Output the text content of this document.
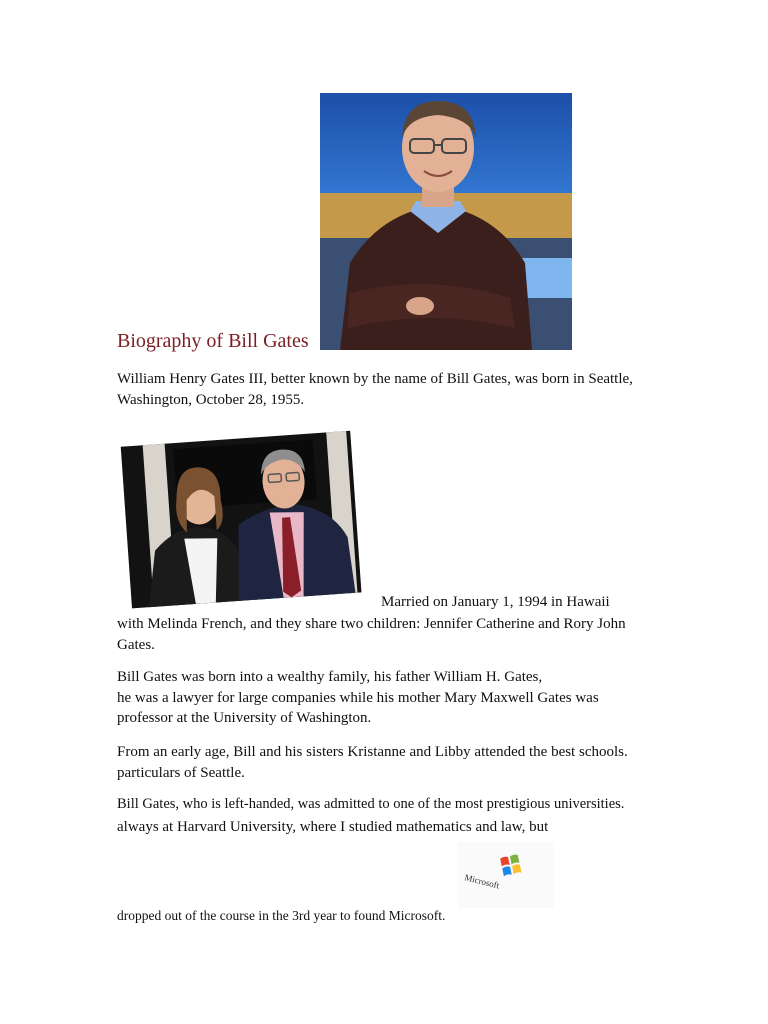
Biography of Bill Gates
William Henry Gates III, better known by the name of Bill Gates, was born in Seattle,
Washington, October 28, 1955.
Married on January 1, 1994 in Hawaii
with Melinda French, and they share two children: Jennifer Catherine and Rory John
Gates.
Bill Gates was born into a wealthy family, his father William H. Gates,
he was a lawyer for large companies while his mother Mary Maxwell Gates was
professor at the University of Washington.
From an early age, Bill and his sisters Kristanne and Libby attended the best schools.
particulars of Seattle.
Bill Gates, who is left-handed, was admitted to one of the most prestigious universities.
always at Harvard University, where I studied mathematics and law, but
Microsoft
dropped out of the course in the 3rd year to found Microsoft.
